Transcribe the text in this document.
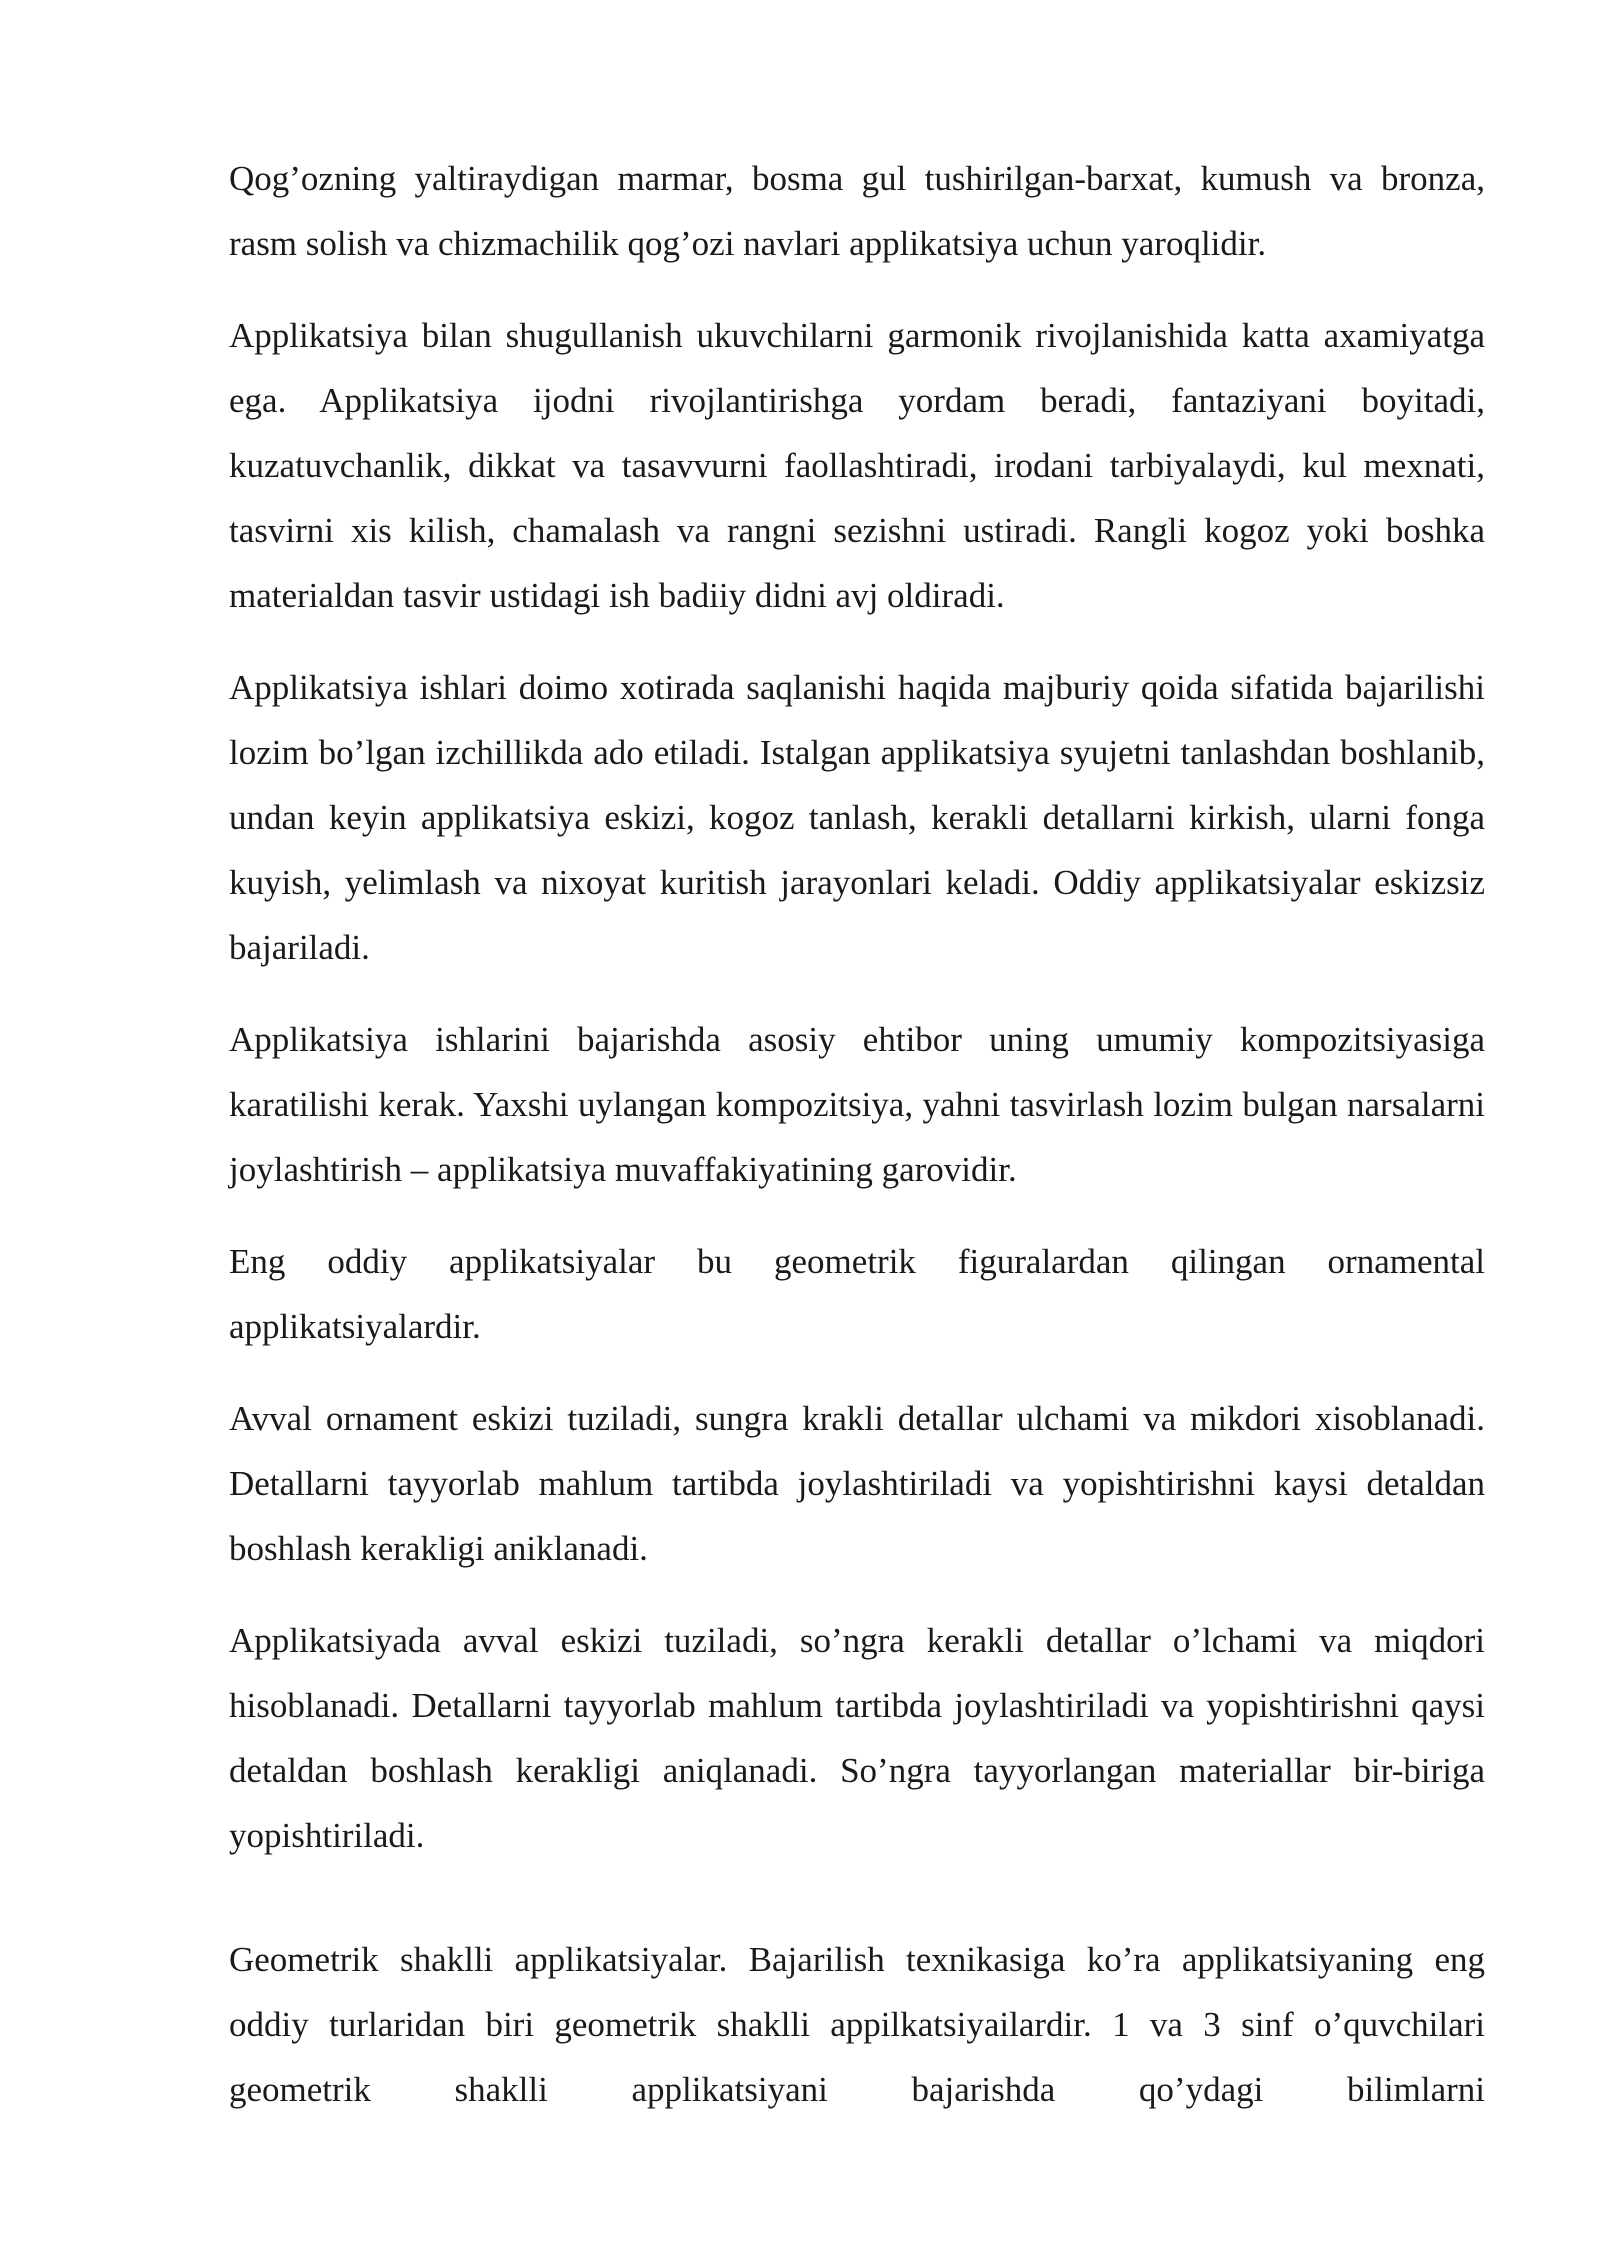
Qog’ozning yaltiraydigan marmar, bosma gul tushirilgan-barxat, kumush va bronza, rasm solish va chizmachilik qog’ozi navlari applikatsiya uchun yaroqlidir.

Applikatsiya bilan shugullanish ukuvchilarni garmonik rivojlanishida katta axamiyatga ega. Applikatsiya ijodni rivojlantirishga yordam beradi, fantaziyani boyitadi, kuzatuvchanlik, dikkat va tasavvurni faollashtiradi, irodani tarbiyalaydi, kul mexnati, tasvirni xis kilish, chamalash va rangni sezishni ustiradi. Rangli kogoz yoki boshka materialdan tasvir ustidagi ish badiiy didni avj oldiradi.

Applikatsiya ishlari doimo xotirada saqlanishi haqida majburiy qoida sifatida bajarilishi lozim bo’lgan izchillikda ado etiladi. Istalgan applikatsiya syujetni tanlashdan boshlanib, undan keyin applikatsiya eskizi, kogoz tanlash, kerakli detallarni kirkish, ularni fonga kuyish, yelimlash va nixoyat kuritish jarayonlari keladi. Oddiy applikatsiyalar eskizsiz bajariladi.

Applikatsiya ishlarini bajarishda asosiy ehtibor uning umumiy kompozitsiyasiga karatilishi kerak. Yaxshi uylangan kompozitsiya, yahni tasvirlash lozim bulgan narsalarni joylashtirish – applikatsiya muvaffakiyatining garovidir.

Eng oddiy applikatsiyalar bu geometrik figuralardan qilingan ornamental applikatsiyalardir.

Avval ornament eskizi tuziladi, sungra krakli detallar ulchami va mikdori xisoblanadi. Detallarni tayyorlab mahlum tartibda joylashtiriladi va yopishtirishni kaysi detaldan boshlash kerakligi aniklanadi.

Applikatsiyada avval eskizi tuziladi, so’ngra kerakli detallar o’lchami va miqdori hisoblanadi. Detallarni tayyorlab mahlum tartibda joylashtiriladi va yopishtirishni qaysi detaldan boshlash kerakligi aniqlanadi. So’ngra tayyorlangan materiallar bir-biriga yopishtiriladi.

Geometrik shaklli applikatsiyalar. Bajarilish texnikasiga ko’ra applikatsiyaning eng oddiy turlaridan biri geometrik shaklli appilkatsiyailardir. 1 va 3 sinf o’quvchilari geometrik shaklli applikatsiyani bajarishda qo’ydagi bilimlarni
